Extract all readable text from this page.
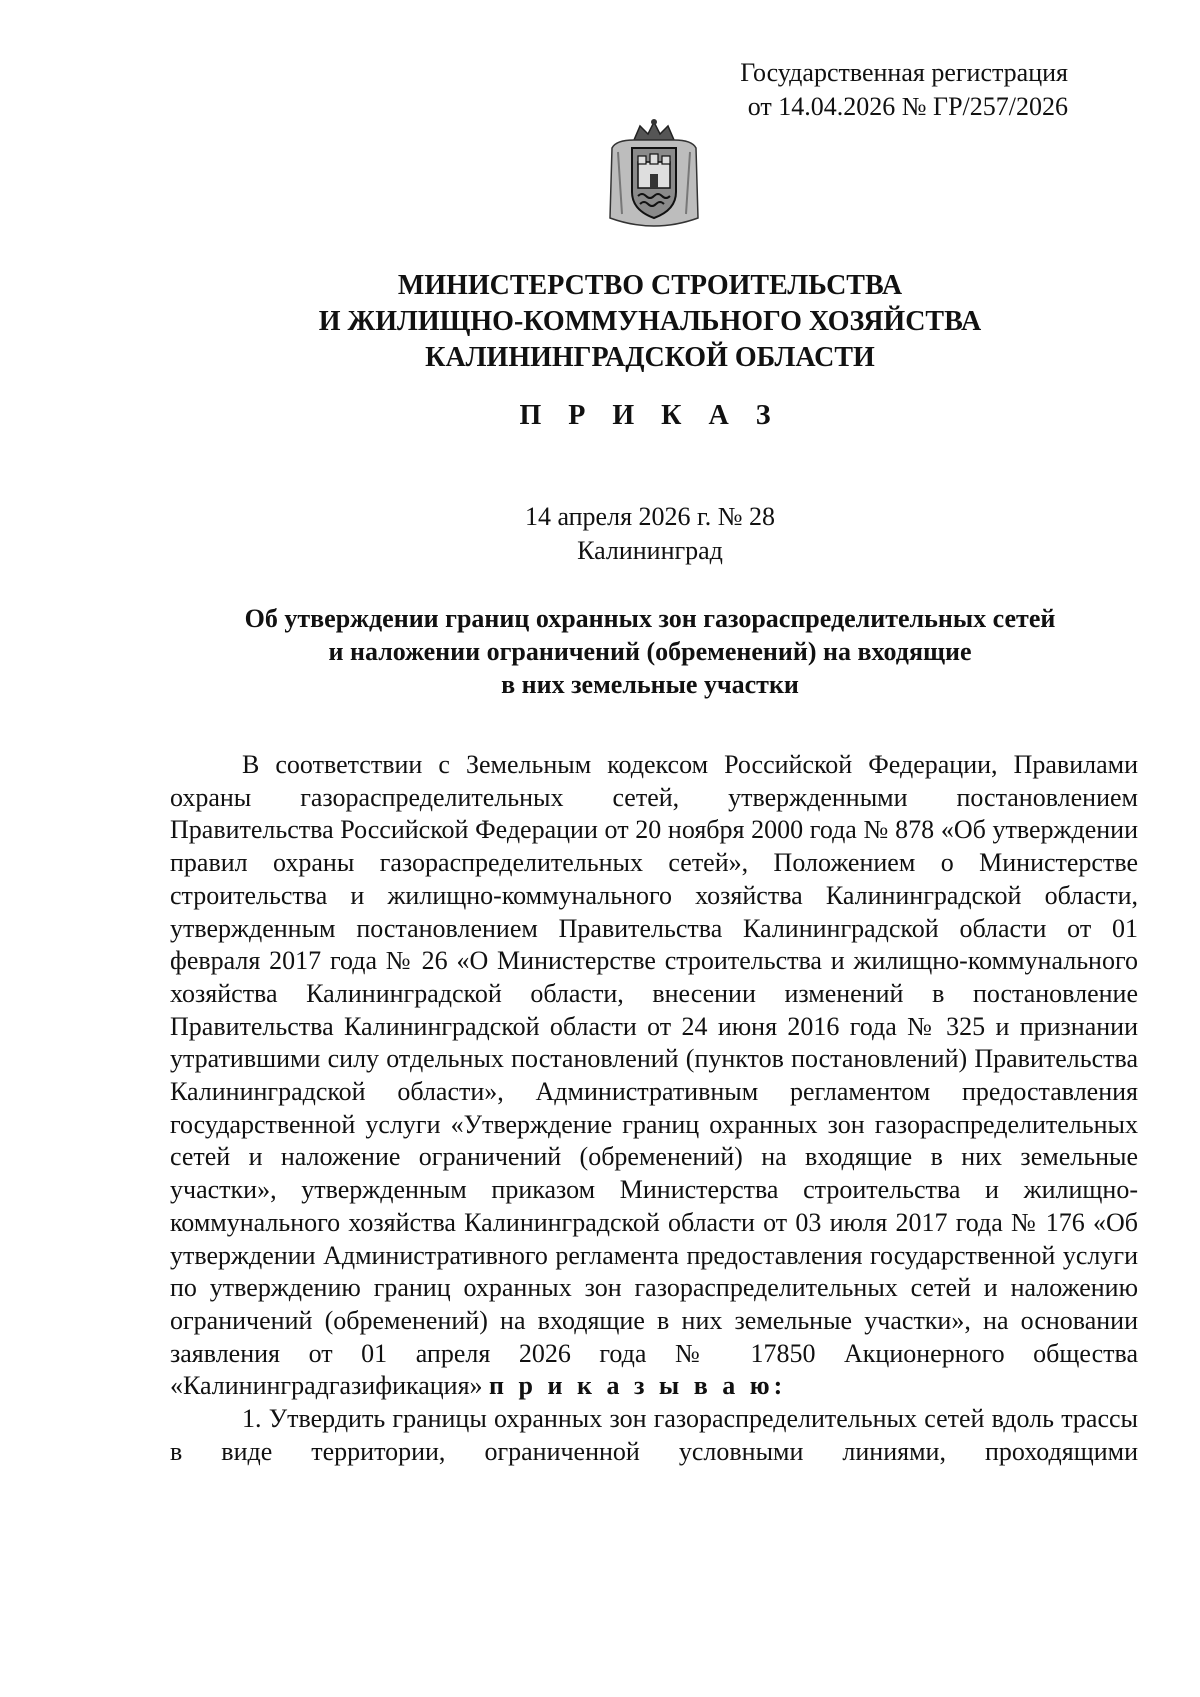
Государственная регистрация
от 14.04.2026 № ГР/257/2026
МИНИСТЕРСТВО СТРОИТЕЛЬСТВА
И ЖИЛИЩНО-КОММУНАЛЬНОГО ХОЗЯЙСТВА
КАЛИНИНГРАДСКОЙ ОБЛАСТИ
П Р И К А З
14 апреля 2026 г. № 28
Калининград
Об утверждении границ охранных зон газораспределительных сетей
и наложении ограничений (обременений) на входящие
в них земельные участки

В соответствии с Земельным кодексом Российской Федерации, Правилами охраны газораспределительных сетей, утвержденными постановлением Правительства Российской Федерации от 20 ноября 2000 года № 878 «Об утверждении правил охраны газораспределительных сетей», Положением о Министерстве строительства и жилищно-коммунального хозяйства Калининградской области, утвержденным постановлением Правительства Калининградской области от 01 февраля 2017 года № 26 «О Министерстве строительства и жилищно-коммунального хозяйства Калининградской области, внесении изменений в постановление Правительства Калининградской области от 24 июня 2016 года № 325 и признании утратившими силу отдельных постановлений (пунктов постановлений) Правительства Калининградской области», Административным регламентом предоставления государственной услуги «Утверждение границ охранных зон газораспределительных сетей и наложение ограничений (обременений) на входящие в них земельные участки», утвержденным приказом Министерства строительства и жилищно-коммунального хозяйства Калининградской области от 03 июля 2017 года № 176 «Об утверждении Административного регламента предоставления государственной услуги по утверждению границ охранных зон газораспределительных сетей и наложению ограничений (обременений) на входящие в них земельные участки», на основании заявления от 01 апреля 2026 года № 17850 Акционерного общества «Калининградгазификация» п р и к а з ы в а ю:

1. Утвердить границы охранных зон газораспределительных сетей вдоль трассы в виде территории, ограниченной условными линиями, проходящими
